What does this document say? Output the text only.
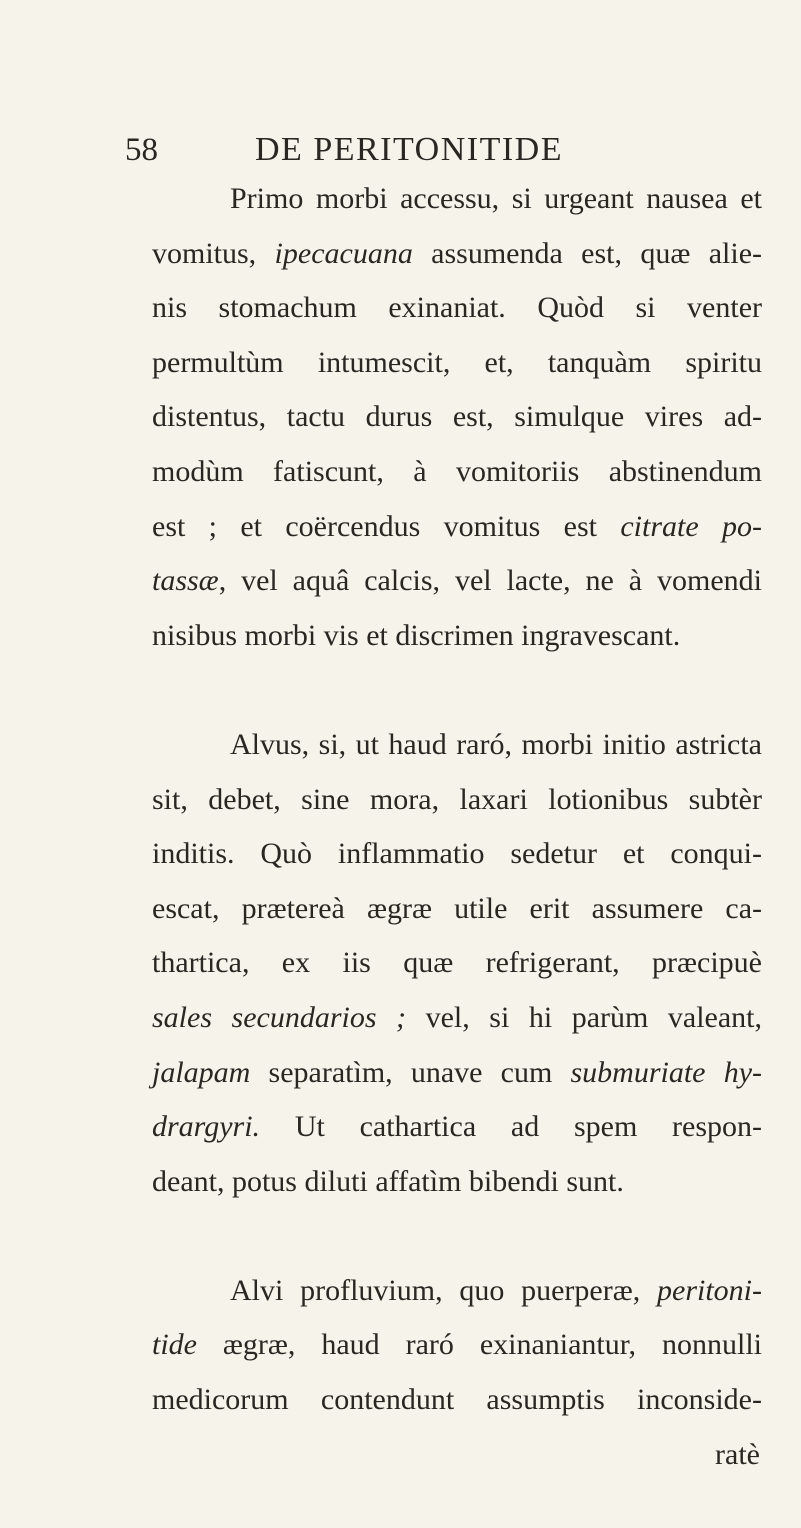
58	DE PERITONITIDE
Primo morbi accessu, si urgeant nausea et
vomitus, ipecacuana assumenda est, quæ alie-
nis stomachum exinaniat. Quòd si venter
permultùm intumescit, et, tanquàm spiritu
distentus, tactu durus est, simulque vires ad-
modùm fatiscunt, à vomitoriis abstinendum
est ; et coërcendus vomitus est citrate po-
tassæ, vel aquâ calcis, vel lacte, ne à vomendi
nisibus morbi vis et discrimen ingravescant.
Alvus, si, ut haud raró, morbi initio astricta
sit, debet, sine mora, laxari lotionibus subtèr
inditis. Quò inflammatio sedetur et conqui-
escat, prætereà ægræ utile erit assumere ca-
thartica, ex iis quæ refrigerant, præcipuè
sales secundarios ; vel, si hi parùm valeant,
jalapam separatìm, unave cum submuriate hy-
drargyri. Ut cathartica ad spem respon-
deant, potus diluti affatìm bibendi sunt.
Alvi profluvium, quo puerperæ, peritoni-
tide ægræ, haud raró exinaniantur, nonnulli
medicorum contendunt assumptis inconside-
ratè
